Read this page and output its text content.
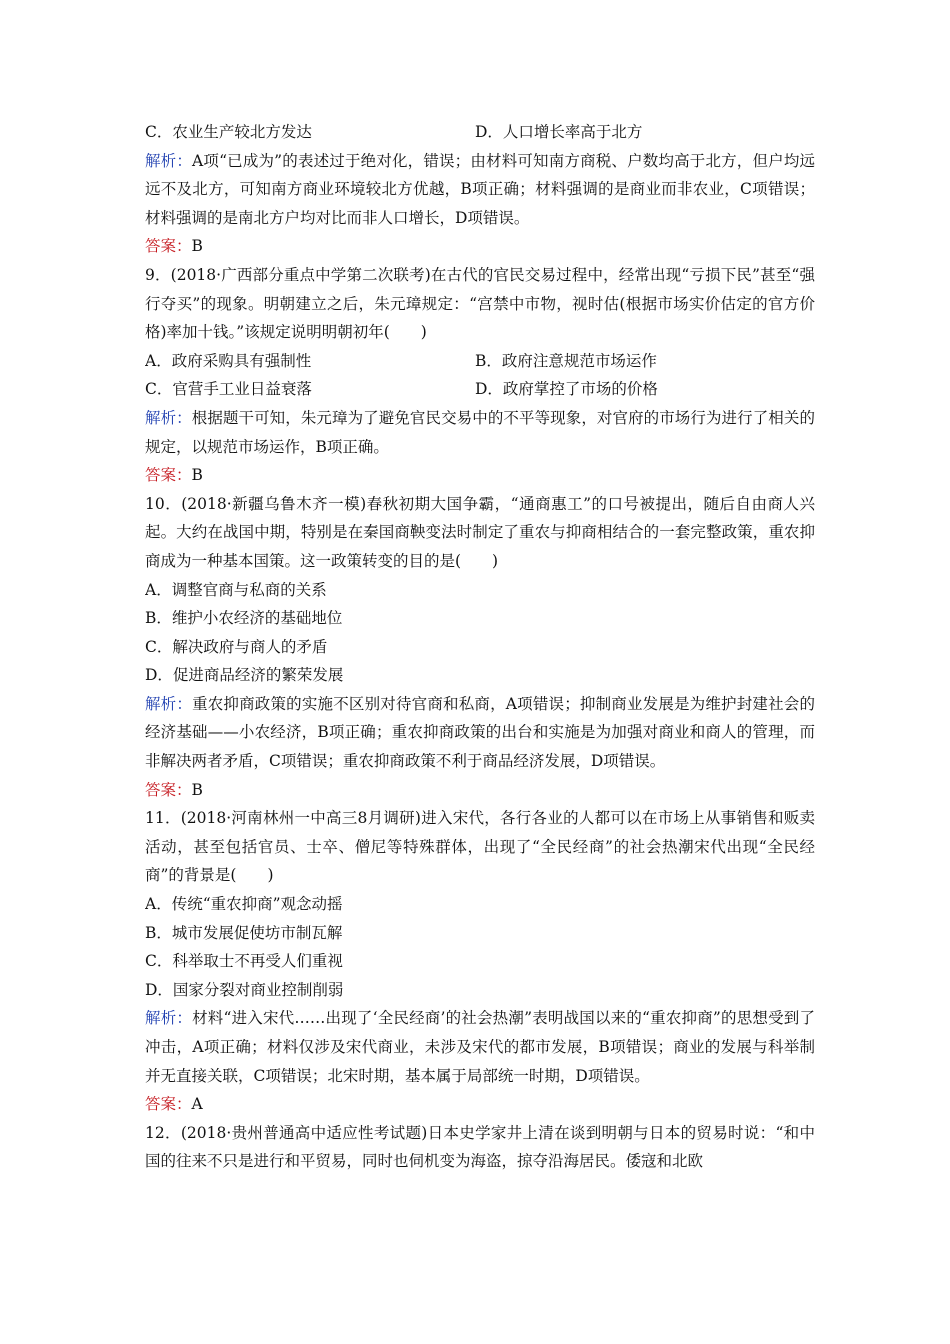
C．农业生产较北方发达	D．人口增长率高于北方
解析：A项“已成为”的表述过于绝对化，错误；由材料可知南方商税、户数均高于北方，但户均远远不及北方，可知南方商业环境较北方优越，B项正确；材料强调的是商业而非农业，C项错误；材料强调的是南北方户均对比而非人口增长，D项错误。
答案：B
9．(2018·广西部分重点中学第二次联考)在古代的官民交易过程中，经常出现“亏损下民”甚至“强行夺买”的现象。明朝建立之后，朱元璋规定：“宫禁中市物，视时估(根据市场实价估定的官方价格)率加十钱。”该规定说明明朝初年(　　)
A．政府采购具有强制性	B．政府注意规范市场运作
C．官营手工业日益衰落	D．政府掌控了市场的价格
解析：根据题干可知，朱元璋为了避免官民交易中的不平等现象，对官府的市场行为进行了相关的规定，以规范市场运作，B项正确。
答案：B
10．(2018·新疆乌鲁木齐一模)春秋初期大国争霸，“通商惠工”的口号被提出，随后自由商人兴起。大约在战国中期，特别是在秦国商鞅变法时制定了重农与抑商相结合的一套完整政策，重农抑商成为一种基本国策。这一政策转变的目的是(　　)
A．调整官商与私商的关系
B．维护小农经济的基础地位
C．解决政府与商人的矛盾
D．促进商品经济的繁荣发展
解析：重农抑商政策的实施不区别对待官商和私商，A项错误；抑制商业发展是为维护封建社会的经济基础——小农经济，B项正确；重农抑商政策的出台和实施是为加强对商业和商人的管理，而非解决两者矛盾，C项错误；重农抑商政策不利于商品经济发展，D项错误。
答案：B
11．(2018·河南林州一中高三8月调研)进入宋代，各行各业的人都可以在市场上从事销售和贩卖活动，甚至包括官员、士卒、僧尼等特殊群体，出现了“全民经商”的社会热潮宋代出现“全民经商”的背景是(　　)
A．传统“重农抑商”观念动摇
B．城市发展促使坊市制瓦解
C．科举取士不再受人们重视
D．国家分裂对商业控制削弱
解析：材料“进入宋代……出现了‘全民经商’的社会热潮”表明战国以来的“重农抑商”的思想受到了冲击，A项正确；材料仅涉及宋代商业，未涉及宋代的都市发展，B项错误；商业的发展与科举制并无直接关联，C项错误；北宋时期，基本属于局部统一时期，D项错误。
答案：A
12．(2018·贵州普通高中适应性考试题)日本史学家井上清在谈到明朝与日本的贸易时说：“和中国的往来不只是进行和平贸易，同时也伺机变为海盗，掠夺沿海居民。倭寇和北欧
